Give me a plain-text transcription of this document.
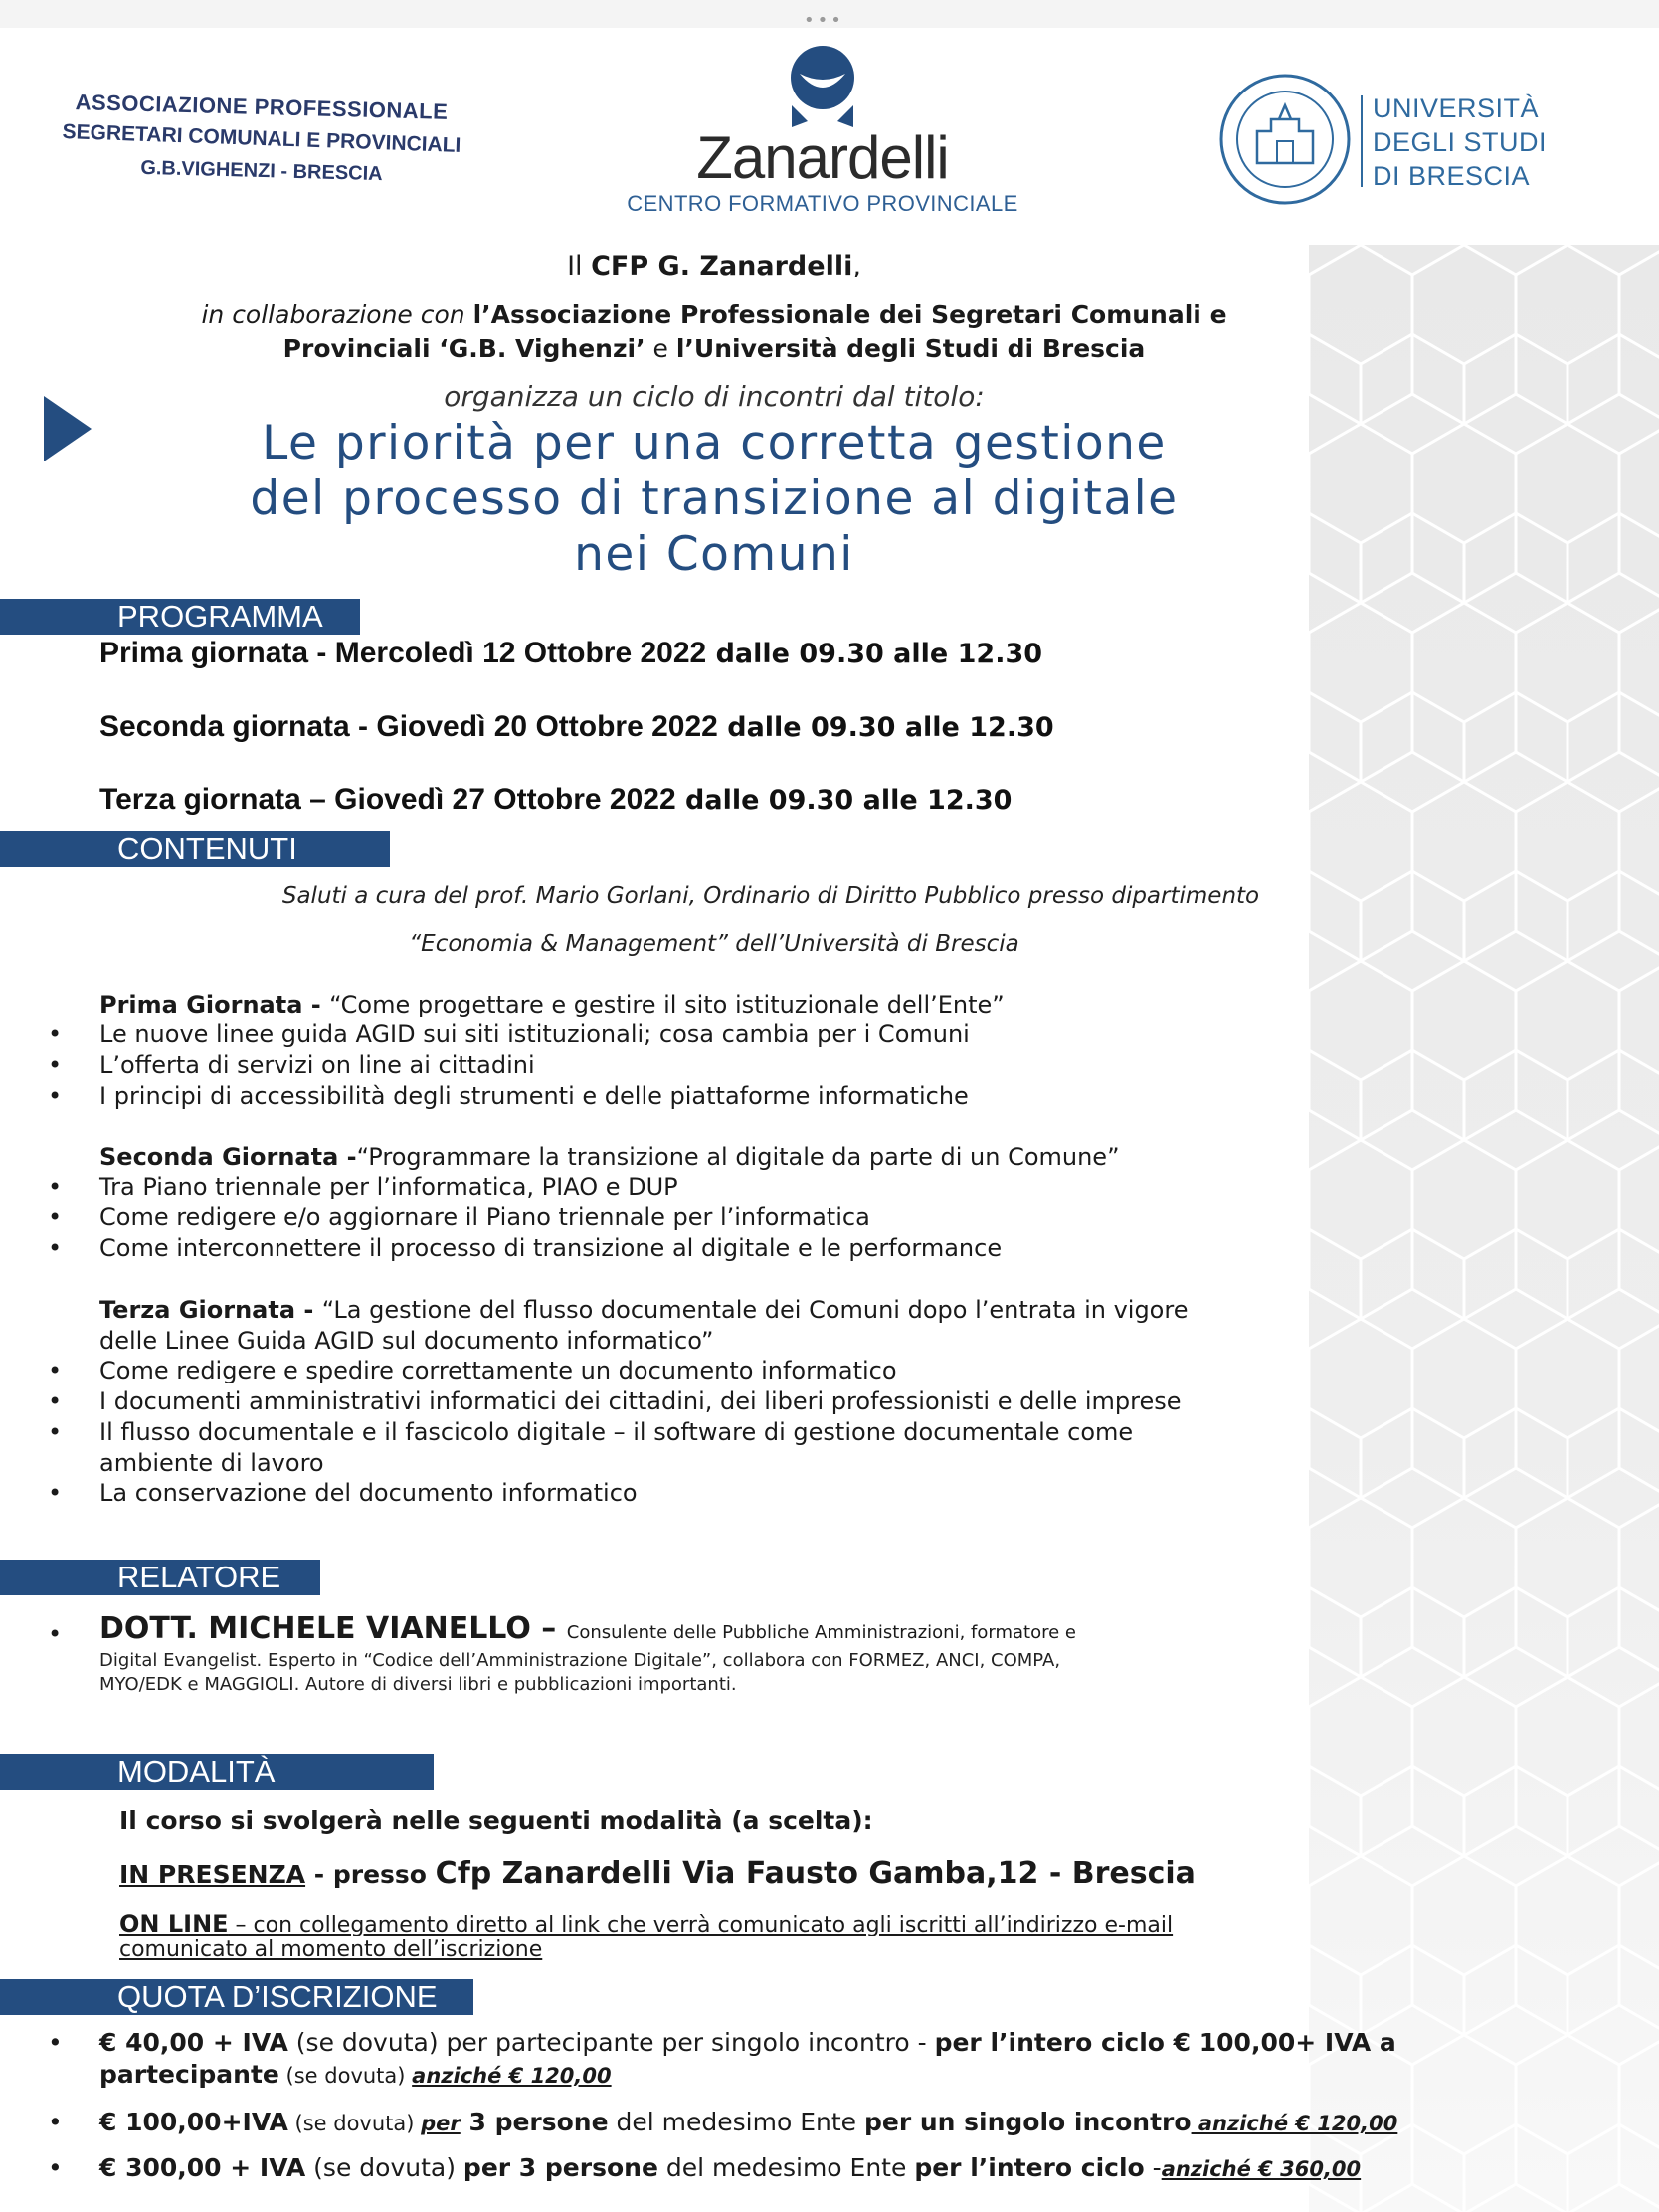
•••
ASSOCIAZIONE PROFESSIONALE
SEGRETARI COMUNALI E PROVINCIALI
G.B.VIGHENZI - BRESCIA	Zanardelli
CENTRO FORMATIVO PROVINCIALE
UNIVERSITÀ
DEGLI STUDI
DI BRESCIA
Il CFP G. Zanardelli,
in collaborazione con l’Associazione Professionale dei Segretari Comunali e
Provinciali ‘G.B. Vighenzi’ e l’Università degli Studi di Brescia
organizza un ciclo di incontri dal titolo:
Le priorità per una corretta gestione
del processo di transizione al digitale
nei Comuni
PROGRAMMA
Prima giornata - Mercoledì 12 Ottobre 2022 dalle 09.30 alle 12.30
Seconda giornata - Giovedì 20 Ottobre 2022 dalle 09.30 alle 12.30
Terza giornata – Giovedì 27 Ottobre 2022 dalle 09.30 alle 12.30
CONTENUTI
Saluti a cura del prof. Mario Gorlani, Ordinario di Diritto Pubblico presso dipartimento
“Economia & Management” dell’Università di Brescia
Prima Giornata - “Come progettare e gestire il sito istituzionale dell’Ente”
Le nuove linee guida AGID sui siti istituzionali; cosa cambia per i Comuni
L’offerta di servizi on line ai cittadini
I principi di accessibilità degli strumenti e delle piattaforme informatiche
Seconda Giornata -“Programmare la transizione al digitale da parte di un Comune”
Tra Piano triennale per l’informatica, PIAO e DUP
Come redigere e/o aggiornare il Piano triennale per l’informatica
Come interconnettere il processo di transizione al digitale e le performance
Terza Giornata - “La gestione del flusso documentale dei Comuni dopo l’entrata in vigore
delle Linee Guida AGID sul documento informatico”
Come redigere e spedire correttamente un documento informatico
I documenti amministrativi informatici dei cittadini, dei liberi professionisti e delle imprese
Il flusso documentale e il fascicolo digitale – il software di gestione documentale come
ambiente di lavoro
La conservazione del documento informatico
RELATORE
DOTT. MICHELE VIANELLO – Consulente delle Pubbliche Amministrazioni, formatore e
Digital Evangelist. Esperto in “Codice dell’Amministrazione Digitale”, collabora con FORMEZ, ANCI, COMPA,
MYO/EDK e MAGGIOLI. Autore di diversi libri e pubblicazioni importanti.
MODALITÀ
Il corso si svolgerà nelle seguenti modalità (a scelta):
IN PRESENZA - presso Cfp Zanardelli Via Fausto Gamba,12 - Brescia
ON LINE – con collegamento diretto al link che verrà comunicato agli iscritti all’indirizzo e-mail
comunicato al momento dell’iscrizione
QUOTA D’ISCRIZIONE
€ 40,00 + IVA (se dovuta) per partecipante per singolo incontro - per l’intero ciclo € 100,00+ IVA a
partecipante (se dovuta) anziché € 120,00
€ 100,00+IVA (se dovuta) per 3 persone del medesimo Ente per un singolo incontro anziché € 120,00
€ 300,00 + IVA (se dovuta) per 3 persone del medesimo Ente per l’intero ciclo -anziché € 360,00
